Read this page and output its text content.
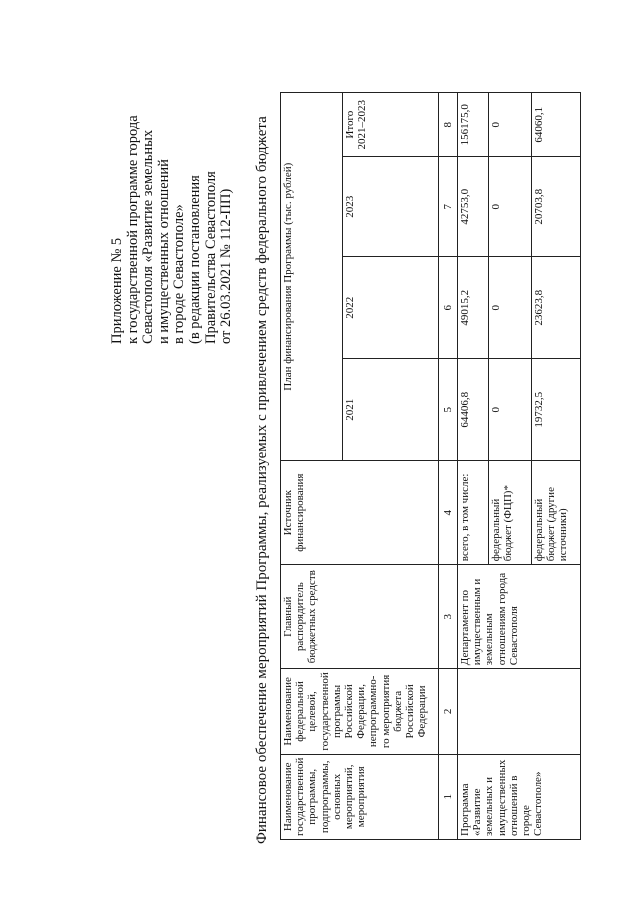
Приложение № 5 к государственной программе города Севастополя «Развитие земельных и имущественных отношений в городе Севастополе» (в редакции постановления Правительства Севастополя от 26.03.2021 № 112-ПП) Финансовое обеспечение мероприятий Программы, реализуемых с привлечением средств федерального бюджета Наименование государственной программы, подпрограммы, основных мероприятий, мероприятия	Наименование федеральной целевой, государственной программы Российской Федерации, непрограммно-го мероприятия бюджета Российской Федерации	Главный распорядитель бюджетных средств	Источник финансирования	План финансирования Программы (тыс. рублей)			
				2021	2022	2023	Итого 2021–2023
1	2	3	4	5	6	7	8
Программа «Развитие земельных и имущественных отношений в городе Севастополе»		Департамент по имущественным и земельным отношениям города Севастополя	всего, в том числе:	64406,8	49015,2	42753,0	156175,0
			федеральный бюджет (ФЦП)*	0	0	0	0
			федеральный бюджет (другие источники)	19732,5	23623,8	20703,8	64060,1
